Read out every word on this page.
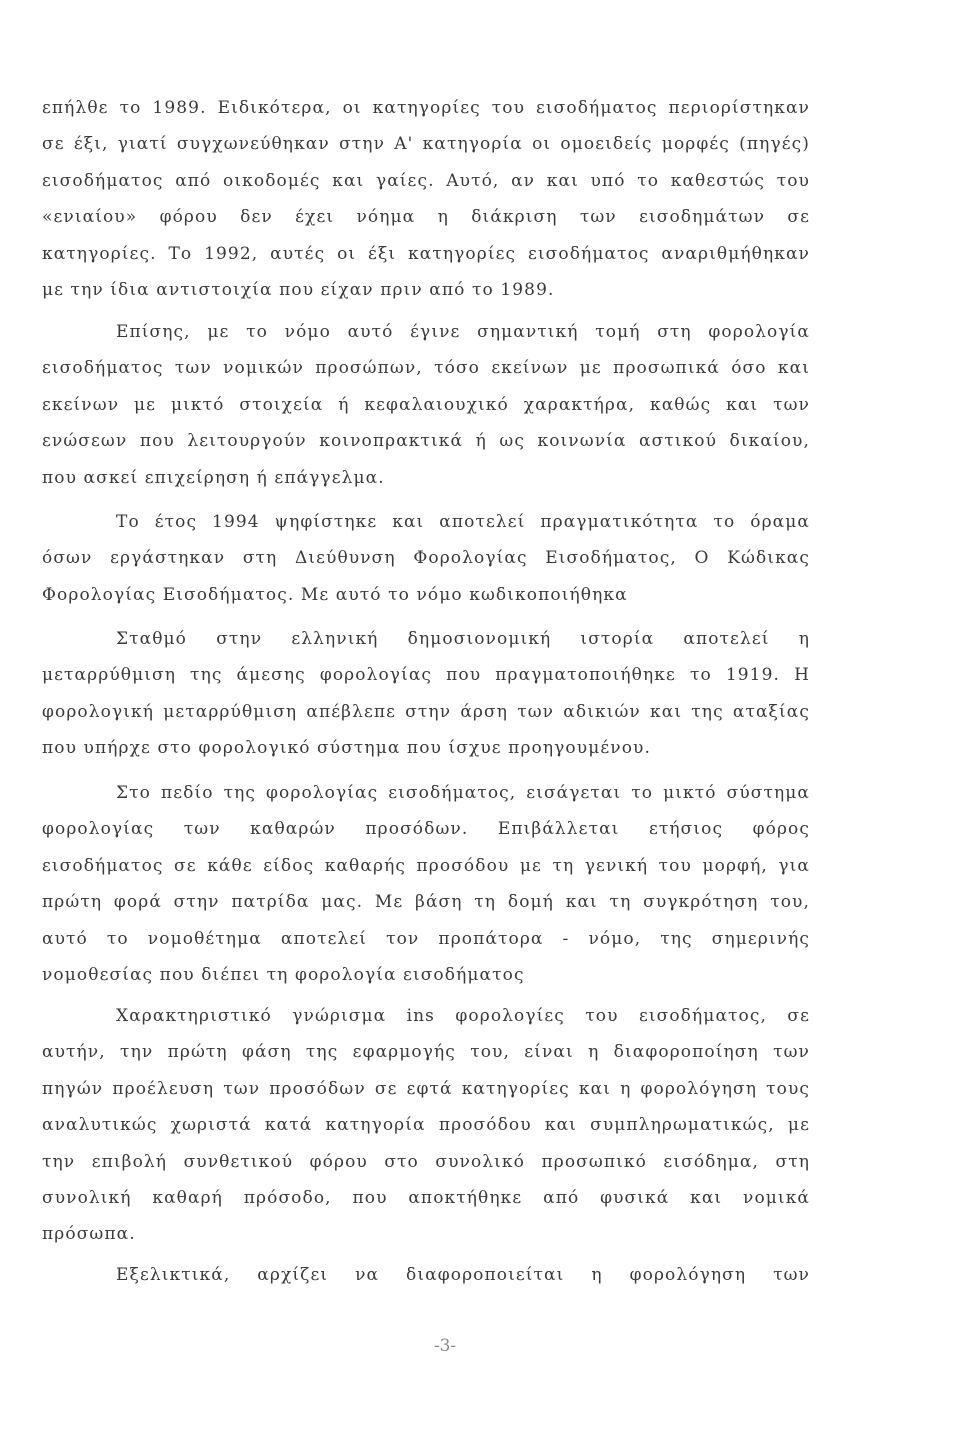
επήλθε το 1989. Ειδικότερα, οι κατηγορίες του εισοδήματος περιορίστηκαν
σε έξι, γιατί συγχωνεύθηκαν στην Α' κατηγορία οι ομοειδείς μορφές (πηγές)
εισοδήματος από οικοδομές και γαίες. Αυτό, αν και υπό το καθεστώς του
«ενιαίου» φόρου δεν έχει νόημα η διάκριση των εισοδημάτων σε
κατηγορίες. Το 1992, αυτές οι έξι κατηγορίες εισοδήματος αναριθμήθηκαν
με την ίδια αντιστοιχία που είχαν πριν από το 1989.

Επίσης, με το νόμο αυτό έγινε σημαντική τομή στη φορολογία
εισοδήματος των νομικών προσώπων, τόσο εκείνων με προσωπικά όσο και
εκείνων με μικτό στοιχεία ή κεφαλαιουχικό χαρακτήρα, καθώς και των
ενώσεων που λειτουργούν κοινοπρακτικά ή ως κοινωνία αστικού δικαίου,
που ασκεί επιχείρηση ή επάγγελμα.

Το έτος 1994 ψηφίστηκε και αποτελεί πραγματικότητα το όραμα
όσων εργάστηκαν στη Διεύθυνση Φορολογίας Εισοδήματος, Ο Κώδικας
Φορολογίας Εισοδήματος. Με αυτό το νόμο κωδικοποιήθηκα

Σταθμό στην ελληνική δημοσιονομική ιστορία αποτελεί η
μεταρρύθμιση της άμεσης φορολογίας που πραγματοποιήθηκε το 1919. Η
φορολογική μεταρρύθμιση απέβλεπε στην άρση των αδικιών και της αταξίας
που υπήρχε στο φορολογικό σύστημα που ίσχυε προηγουμένου.

Στο πεδίο της φορολογίας εισοδήματος, εισάγεται το μικτό σύστημα
φορολογίας των καθαρών προσόδων. Επιβάλλεται ετήσιος φόρος
εισοδήματος σε κάθε είδος καθαρής προσόδου με τη γενική του μορφή, για
πρώτη φορά στην πατρίδα μας. Με βάση τη δομή και τη συγκρότηση του,
αυτό το νομοθέτημα αποτελεί τον προπάτορα - νόμο, της σημερινής
νομοθεσίας που διέπει τη φορολογία εισοδήματος

Χαρακτηριστικό γνώρισμα ins φορολογίες του εισοδήματος, σε
αυτήν, την πρώτη φάση της εφαρμογής του, είναι η διαφοροποίηση των
πηγών προέλευση των προσόδων σε εφτά κατηγορίες και η φορολόγηση τους
αναλυτικώς χωριστά κατά κατηγορία προσόδου και συμπληρωματικώς, με
την επιβολή συνθετικού φόρου στο συνολικό προσωπικό εισόδημα, στη
συνολική καθαρή πρόσοδο, που αποκτήθηκε από φυσικά και νομικά
πρόσωπα.

Εξελικτικά, αρχίζει να διαφοροποιείται η φορολόγηση των

-3-
